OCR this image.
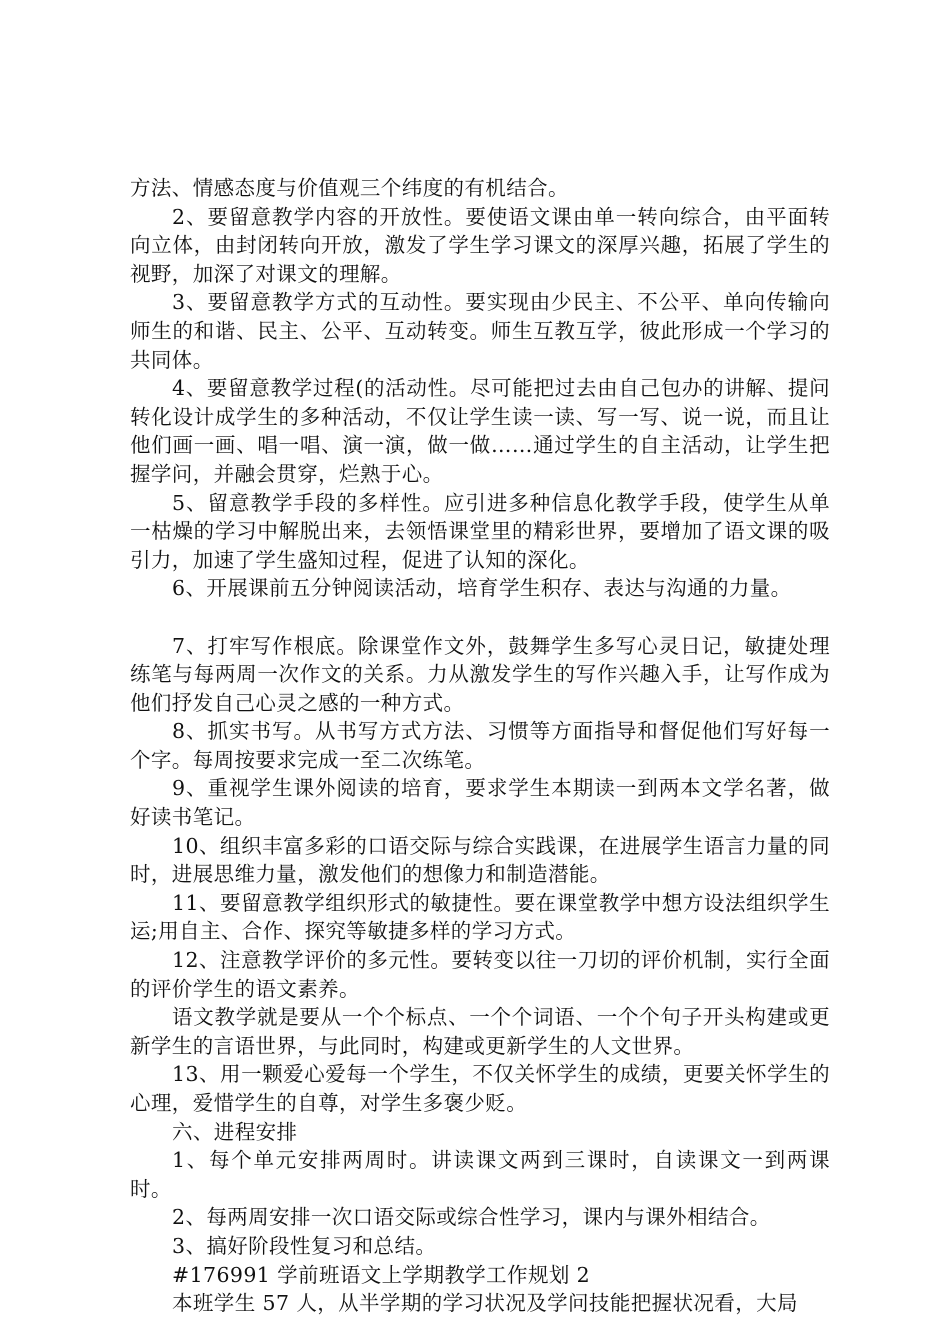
方法、情感态度与价值观三个纬度的有机结合。

2、要留意教学内容的开放性。要使语文课由单一转向综合，由平面转向立体，由封闭转向开放，激发了学生学习课文的深厚兴趣，拓展了学生的视野，加深了对课文的理解。

3、要留意教学方式的互动性。要实现由少民主、不公平、单向传输向师生的和谐、民主、公平、互动转变。师生互教互学，彼此形成一个学习的共同体。

4、要留意教学过程(的活动性。尽可能把过去由自己包办的讲解、提问转化设计成学生的多种活动，不仅让学生读一读、写一写、说一说，而且让他们画一画、唱一唱、演一演，做一做……通过学生的自主活动，让学生把握学问，并融会贯穿，烂熟于心。

5、留意教学手段的多样性。应引进多种信息化教学手段，使学生从单一枯燥的学习中解脱出来，去领悟课堂里的精彩世界，要增加了语文课的吸引力，加速了学生盛知过程，促进了认知的深化。

6、开展课前五分钟阅读活动，培育学生积存、表达与沟通的力量。

7、打牢写作根底。除课堂作文外，鼓舞学生多写心灵日记，敏捷处理练笔与每两周一次作文的关系。力从激发学生的写作兴趣入手，让写作成为他们抒发自己心灵之感的一种方式。

8、抓实书写。从书写方式方法、习惯等方面指导和督促他们写好每一个字。每周按要求完成一至二次练笔。

9、重视学生课外阅读的培育，要求学生本期读一到两本文学名著，做好读书笔记。

10、组织丰富多彩的口语交际与综合实践课，在进展学生语言力量的同时，进展思维力量，激发他们的想像力和制造潜能。

11、要留意教学组织形式的敏捷性。要在课堂教学中想方设法组织学生运;用自主、合作、探究等敏捷多样的学习方式。

12、注意教学评价的多元性。要转变以往一刀切的评价机制，实行全面的评价学生的语文素养。

语文教学就是要从一个个标点、一个个词语、一个个句子开头构建或更新学生的言语世界，与此同时，构建或更新学生的人文世界。

13、用一颗爱心爱每一个学生，不仅关怀学生的成绩，更要关怀学生的心理，爱惜学生的自尊，对学生多褒少贬。

六、进程安排

1、每个单元安排两周时。讲读课文两到三课时，自读课文一到两课时。

2、每两周安排一次口语交际或综合性学习，课内与课外相结合。

3、搞好阶段性复习和总结。

#176991 学前班语文上学期教学工作规划 2

本班学生 57 人，从半学期的学习状况及学问技能把握状况看，大局
